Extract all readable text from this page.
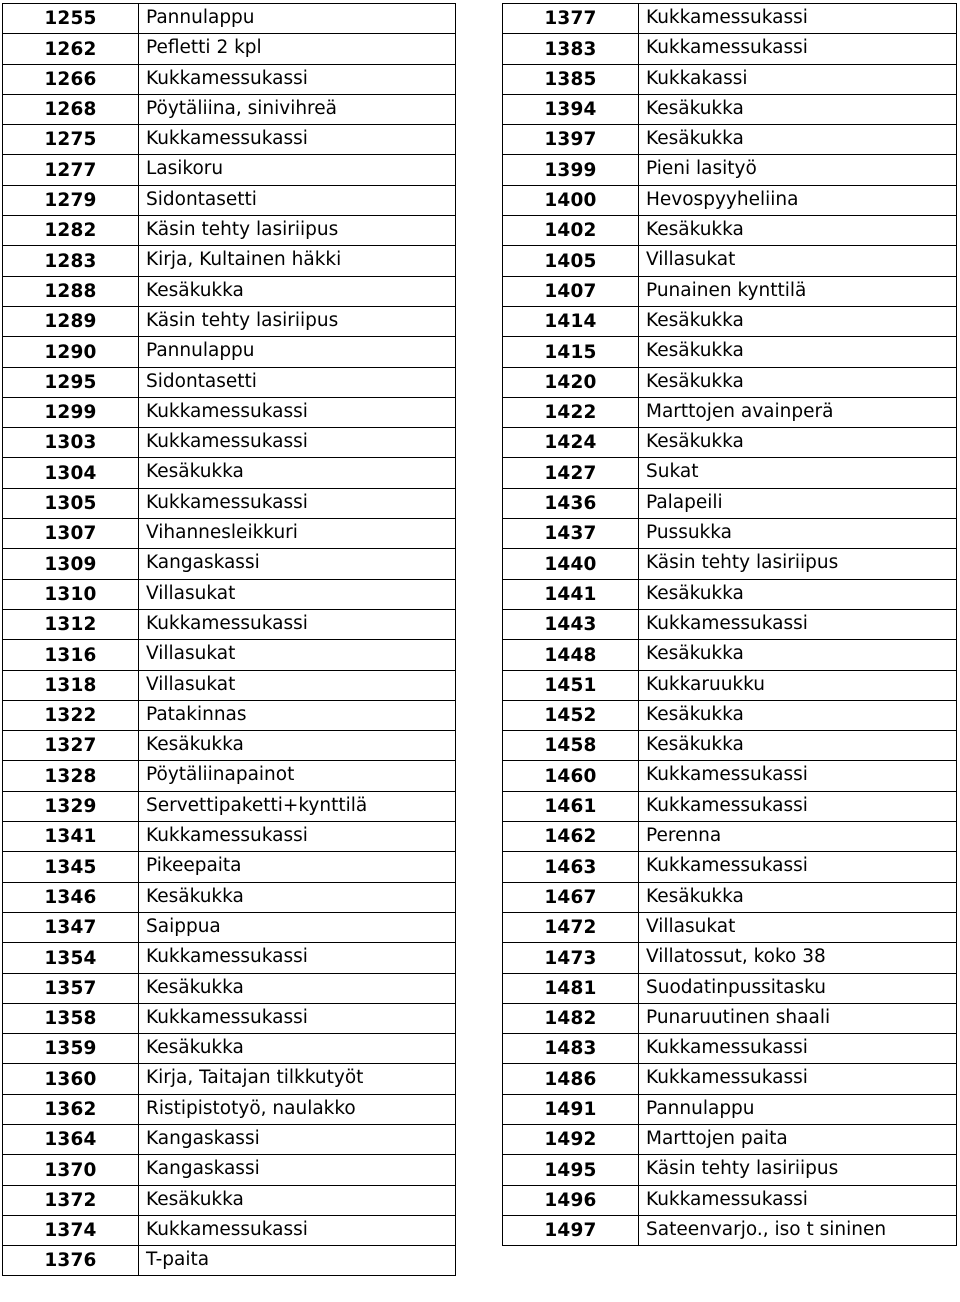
1255	Pannulappu
1262	Pefletti 2 kpl
1266	Kukkamessukassi
1268	Pöytäliina, sinivihreä
1275	Kukkamessukassi
1277	Lasikoru
1279	Sidontasetti
1282	Käsin tehty lasiriipus
1283	Kirja, Kultainen häkki
1288	Kesäkukka
1289	Käsin tehty lasiriipus
1290	Pannulappu
1295	Sidontasetti
1299	Kukkamessukassi
1303	Kukkamessukassi
1304	Kesäkukka
1305	Kukkamessukassi
1307	Vihannesleikkuri
1309	Kangaskassi
1310	Villasukat
1312	Kukkamessukassi
1316	Villasukat
1318	Villasukat
1322	Patakinnas
1327	Kesäkukka
1328	Pöytäliinapainot
1329	Servettipaketti+kynttilä
1341	Kukkamessukassi
1345	Pikeepaita
1346	Kesäkukka
1347	Saippua
1354	Kukkamessukassi
1357	Kesäkukka
1358	Kukkamessukassi
1359	Kesäkukka
1360	Kirja, Taitajan tilkkutyöt
1362	Ristipistotyö, naulakko
1364	Kangaskassi
1370	Kangaskassi
1372	Kesäkukka
1374	Kukkamessukassi
1376	T-paita
1377	Kukkamessukassi
1383	Kukkamessukassi
1385	Kukkakassi
1394	Kesäkukka
1397	Kesäkukka
1399	Pieni lasityö
1400	Hevospyyheliina
1402	Kesäkukka
1405	Villasukat
1407	Punainen kynttilä
1414	Kesäkukka
1415	Kesäkukka
1420	Kesäkukka
1422	Marttojen avainperä
1424	Kesäkukka
1427	Sukat
1436	Palapeili
1437	Pussukka
1440	Käsin tehty lasiriipus
1441	Kesäkukka
1443	Kukkamessukassi
1448	Kesäkukka
1451	Kukkaruukku
1452	Kesäkukka
1458	Kesäkukka
1460	Kukkamessukassi
1461	Kukkamessukassi
1462	Perenna
1463	Kukkamessukassi
1467	Kesäkukka
1472	Villasukat
1473	Villatossut, koko 38
1481	Suodatinpussitasku
1482	Punaruutinen shaali
1483	Kukkamessukassi
1486	Kukkamessukassi
1491	Pannulappu
1492	Marttojen paita
1495	Käsin tehty lasiriipus
1496	Kukkamessukassi
1497	Sateenvarjo., iso t sininen
